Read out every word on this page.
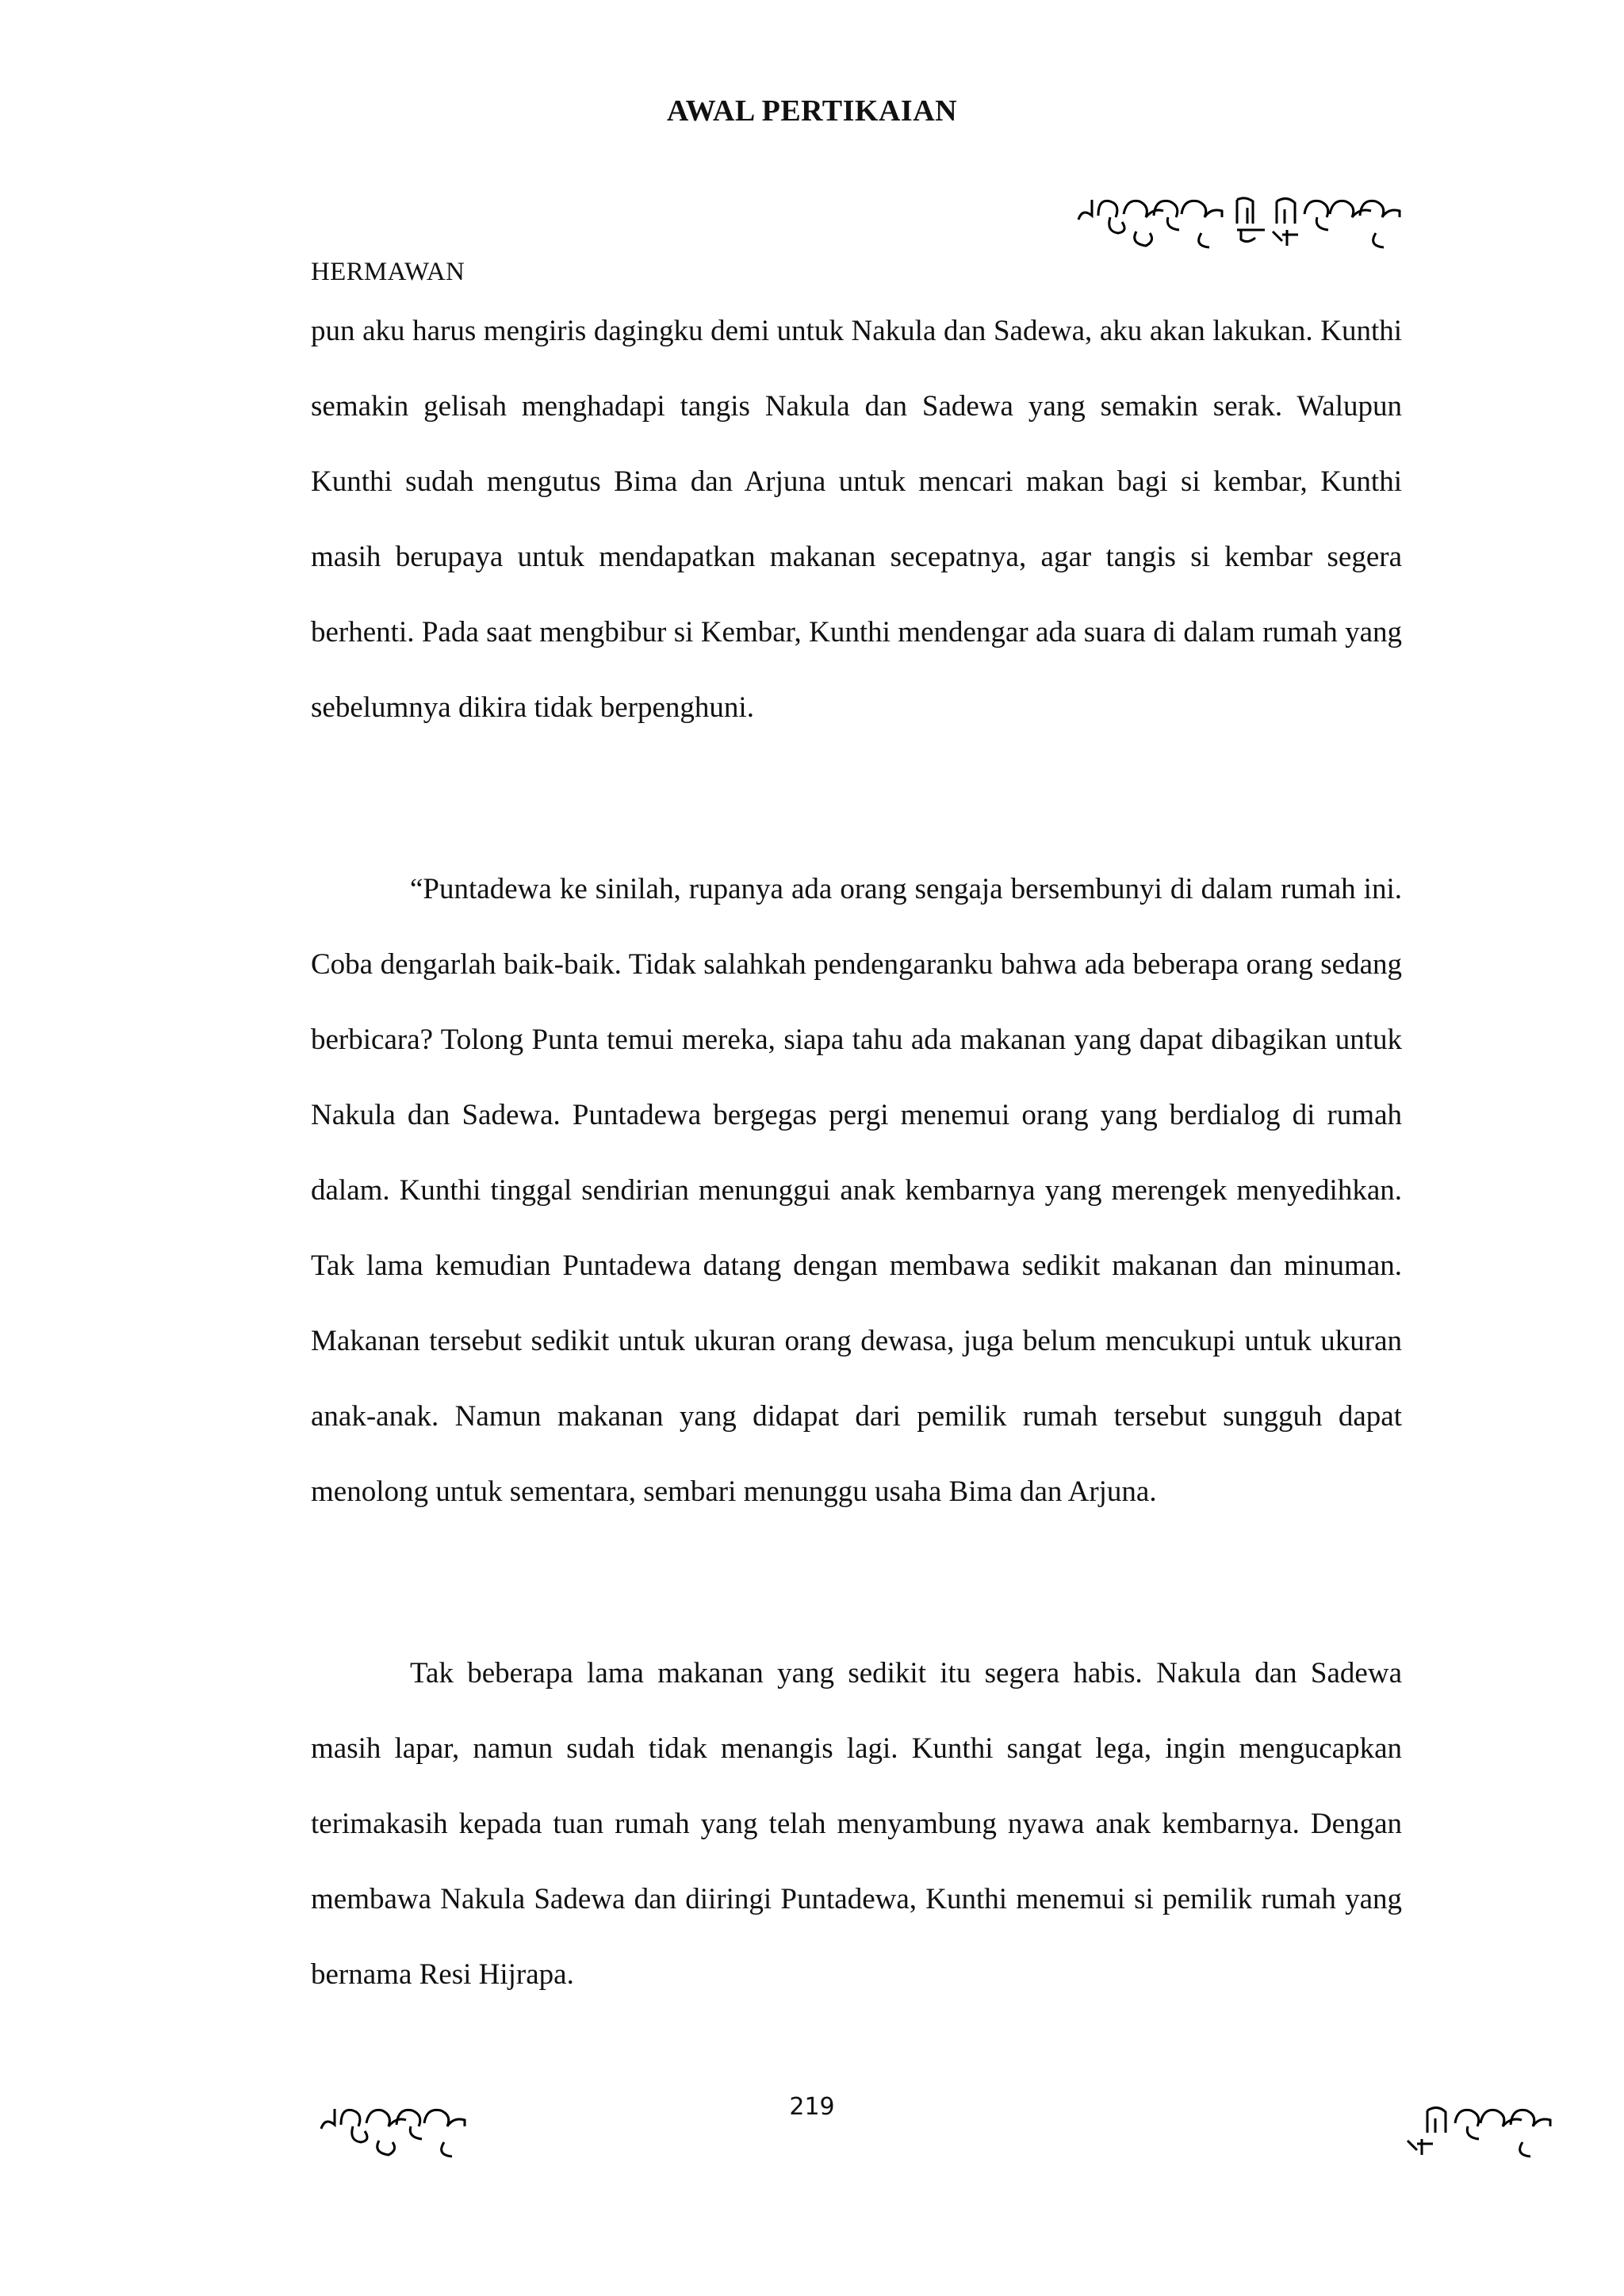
AWAL PERTIKAIAN
HERMAWAN

pun aku harus mengiris dagingku demi untuk Nakula dan Sadewa, aku akan lakukan. Kunthi semakin gelisah menghadapi tangis Nakula dan Sadewa yang semakin serak. Walupun Kunthi sudah mengutus Bima dan Arjuna untuk mencari makan bagi si kembar, Kunthi masih berupaya untuk mendapatkan makanan secepatnya, agar tangis si kembar segera berhenti. Pada saat mengbibur si Kembar, Kunthi mendengar ada suara di dalam rumah yang sebelumnya dikira tidak berpenghuni.

“Puntadewa ke sinilah, rupanya ada orang sengaja bersembunyi di dalam rumah ini. Coba dengarlah baik-baik. Tidak salahkah pendengaranku bahwa ada beberapa orang sedang berbicara? Tolong Punta temui mereka, siapa tahu ada makanan yang dapat dibagikan untuk Nakula dan Sadewa. Puntadewa bergegas pergi menemui orang yang berdialog di rumah dalam. Kunthi tinggal sendirian menunggui anak kembarnya yang merengek menyedihkan. Tak lama kemudian Puntadewa datang dengan membawa sedikit makanan dan minuman. Makanan tersebut sedikit untuk ukuran orang dewasa, juga belum mencukupi untuk ukuran anak-anak. Namun makanan yang didapat dari pemilik rumah tersebut sungguh dapat menolong untuk sementara, sembari menunggu usaha Bima dan Arjuna.

Tak beberapa lama makanan yang sedikit itu segera habis. Nakula dan Sadewa masih lapar, namun sudah tidak menangis lagi. Kunthi sangat lega, ingin mengucapkan terimakasih kepada tuan rumah yang telah menyambung nyawa anak kembarnya. Dengan membawa Nakula Sadewa dan diiringi Puntadewa, Kunthi menemui si pemilik rumah yang bernama Resi Hijrapa.

219
